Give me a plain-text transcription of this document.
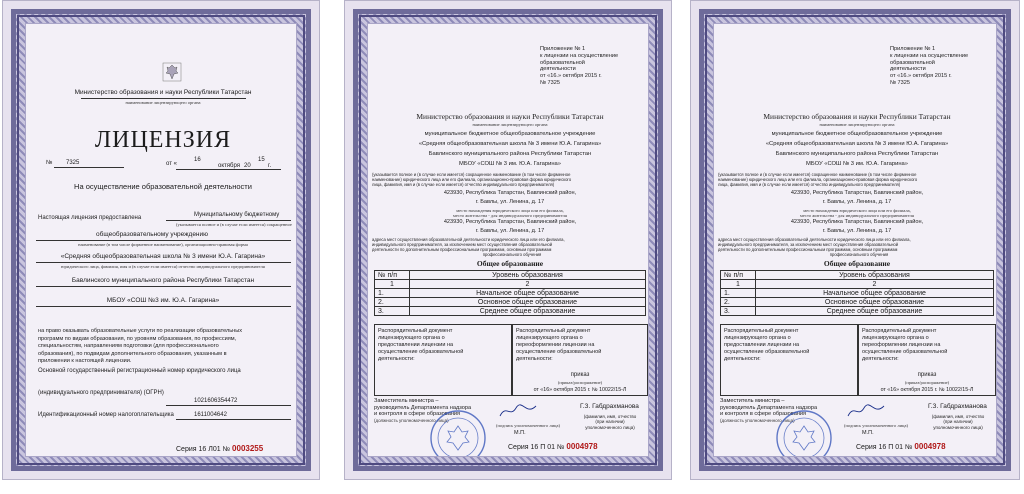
Министерство образования и науки Республики Татарстан
наименование лицензирующего органа
ЛИЦЕНЗИЯ
№ 7325	от «
16
октября 20
15
г.
На осуществление образовательной деятельности
Настоящая лицензия предоставлена	Муниципальному бюджетному
(указывается полное и (в случае если имеется) сокращенное
общеобразовательному учреждению
наименование (в том числе фирменное наименование), организационно-правовая форма
«Средняя общеобразовательная школа № 3 имени Ю.А. Гагарина»
юридического лица, фамилия, имя и (в случае если имеется) отчество индивидуального предпринимателя
Бавлинского муниципального района Республики Татарстан
МБОУ «СОШ №3 им. Ю.А. Гагарина»
на право оказывать образовательные услуги по реализации образовательных
программ по видам образования, по уровням образования, по профессиям,
специальностям, направлениям подготовки (для профессионального
образования), по подвидам дополнительного образования, указанным в
приложении к настоящей лицензии.
Основной государственный регистрационный номер юридического лица
(индивидуального предпринимателя) (ОГРН)
1021606354472
Идентификационный номер налогоплательщика	1611004642
Серия 16 Л01 № 0003255
Приложение № 1
к лицензии на осуществление
образовательной
деятельности
от «16.» октября 2015 г.
№ 7325
Министерство образования и науки Республики Татарстан
наименование лицензирующего органа
муниципальное бюджетное общеобразовательное учреждение
«Средняя общеобразовательная школа № 3 имени Ю.А. Гагарина»
Бавлинского муниципального района Республики Татарстан
МБОУ «СОШ № 3 им. Ю.А. Гагарина»
(указывается полное и (в случае если имеется) сокращенное наименование (в том числе фирменное
наименование) юридического лица или его филиала, организационно-правовая форма юридического
лица, фамилия, имя и (в случае если имеется) отчество индивидуального предпринимателя)
423930, Республика Татарстан, Бавлинский район,
г. Бавлы, ул. Ленина, д. 17
место нахождения юридического лица или его филиала,
место жительства - для индивидуального предпринимателя
423930, Республика Татарстан, Бавлинский район,
г. Бавлы, ул. Ленина, д. 17
адреса мест осуществления образовательной деятельности юридического лица или его филиала,
индивидуального предпринимателя, за исключением мест осуществления образовательной
деятельности по дополнительным профессиональным программам, основным программам
профессионального обучения
Общее образование
№ п/п	Уровень образования
1	2
1.	Начальное общее образование
2.	Основное общее образование
3.	Среднее общее образование
Распорядительный документ
лицензирующего органа о
предоставлении лицензии на
осуществление образовательной
деятельности:
Распорядительный документ
лицензирующего органа о
переоформлении лицензии на
осуществление образовательной
деятельности:
приказ
(приказ/распоряжение)
от «16» октября 2015 г. № 10022/15-Л
Заместитель министра –
руководитель Департамента надзора
и контроля в сфере образования
(должность уполномоченного лица)
(подпись уполномоченного лица)
М.П.
Г.З. Габдрахманова
(фамилия, имя, отчество
(при наличии)
уполномоченного лица)
Серия 16 П 01 № 0004978
Приложение № 1
к лицензии на осуществление
образовательной
деятельности
от «16.» октября 2015 г.
№ 7325
Министерство образования и науки Республики Татарстан
наименование лицензирующего органа
муниципальное бюджетное общеобразовательное учреждение
«Средняя общеобразовательная школа № 3 имени Ю.А. Гагарина»
Бавлинского муниципального района Республики Татарстан
МБОУ «СОШ № 3 им. Ю.А. Гагарина»
(указывается полное и (в случае если имеется) сокращенное наименование (в том числе фирменное
наименование) юридического лица или его филиала, организационно-правовая форма юридического
лица, фамилия, имя и (в случае если имеется) отчество индивидуального предпринимателя)
423930, Республика Татарстан, Бавлинский район,
г. Бавлы, ул. Ленина, д. 17
место нахождения юридического лица или его филиала,
место жительства - для индивидуального предпринимателя
423930, Республика Татарстан, Бавлинский район,
г. Бавлы, ул. Ленина, д. 17
адреса мест осуществления образовательной деятельности юридического лица или его филиала,
индивидуального предпринимателя, за исключением мест осуществления образовательной
деятельности по дополнительным профессиональным программам, основным программам
профессионального обучения
Общее образование
№ п/п	Уровень образования
1	2
1.	Начальное общее образование
2.	Основное общее образование
3.	Среднее общее образование
Распорядительный документ
лицензирующего органа о
предоставлении лицензии на
осуществление образовательной
деятельности:
Распорядительный документ
лицензирующего органа о
переоформлении лицензии на
осуществление образовательной
деятельности:
приказ
(приказ/распоряжение)
от «16» октября 2015 г. № 10022/15-Л
Заместитель министра –
руководитель Департамента надзора
и контроля в сфере образования
(должность уполномоченного лица)
(подпись уполномоченного лица)
М.П.
Г.З. Габдрахманова
(фамилия, имя, отчество
(при наличии)
уполномоченного лица)
Серия 16 П 01 № 0004978
